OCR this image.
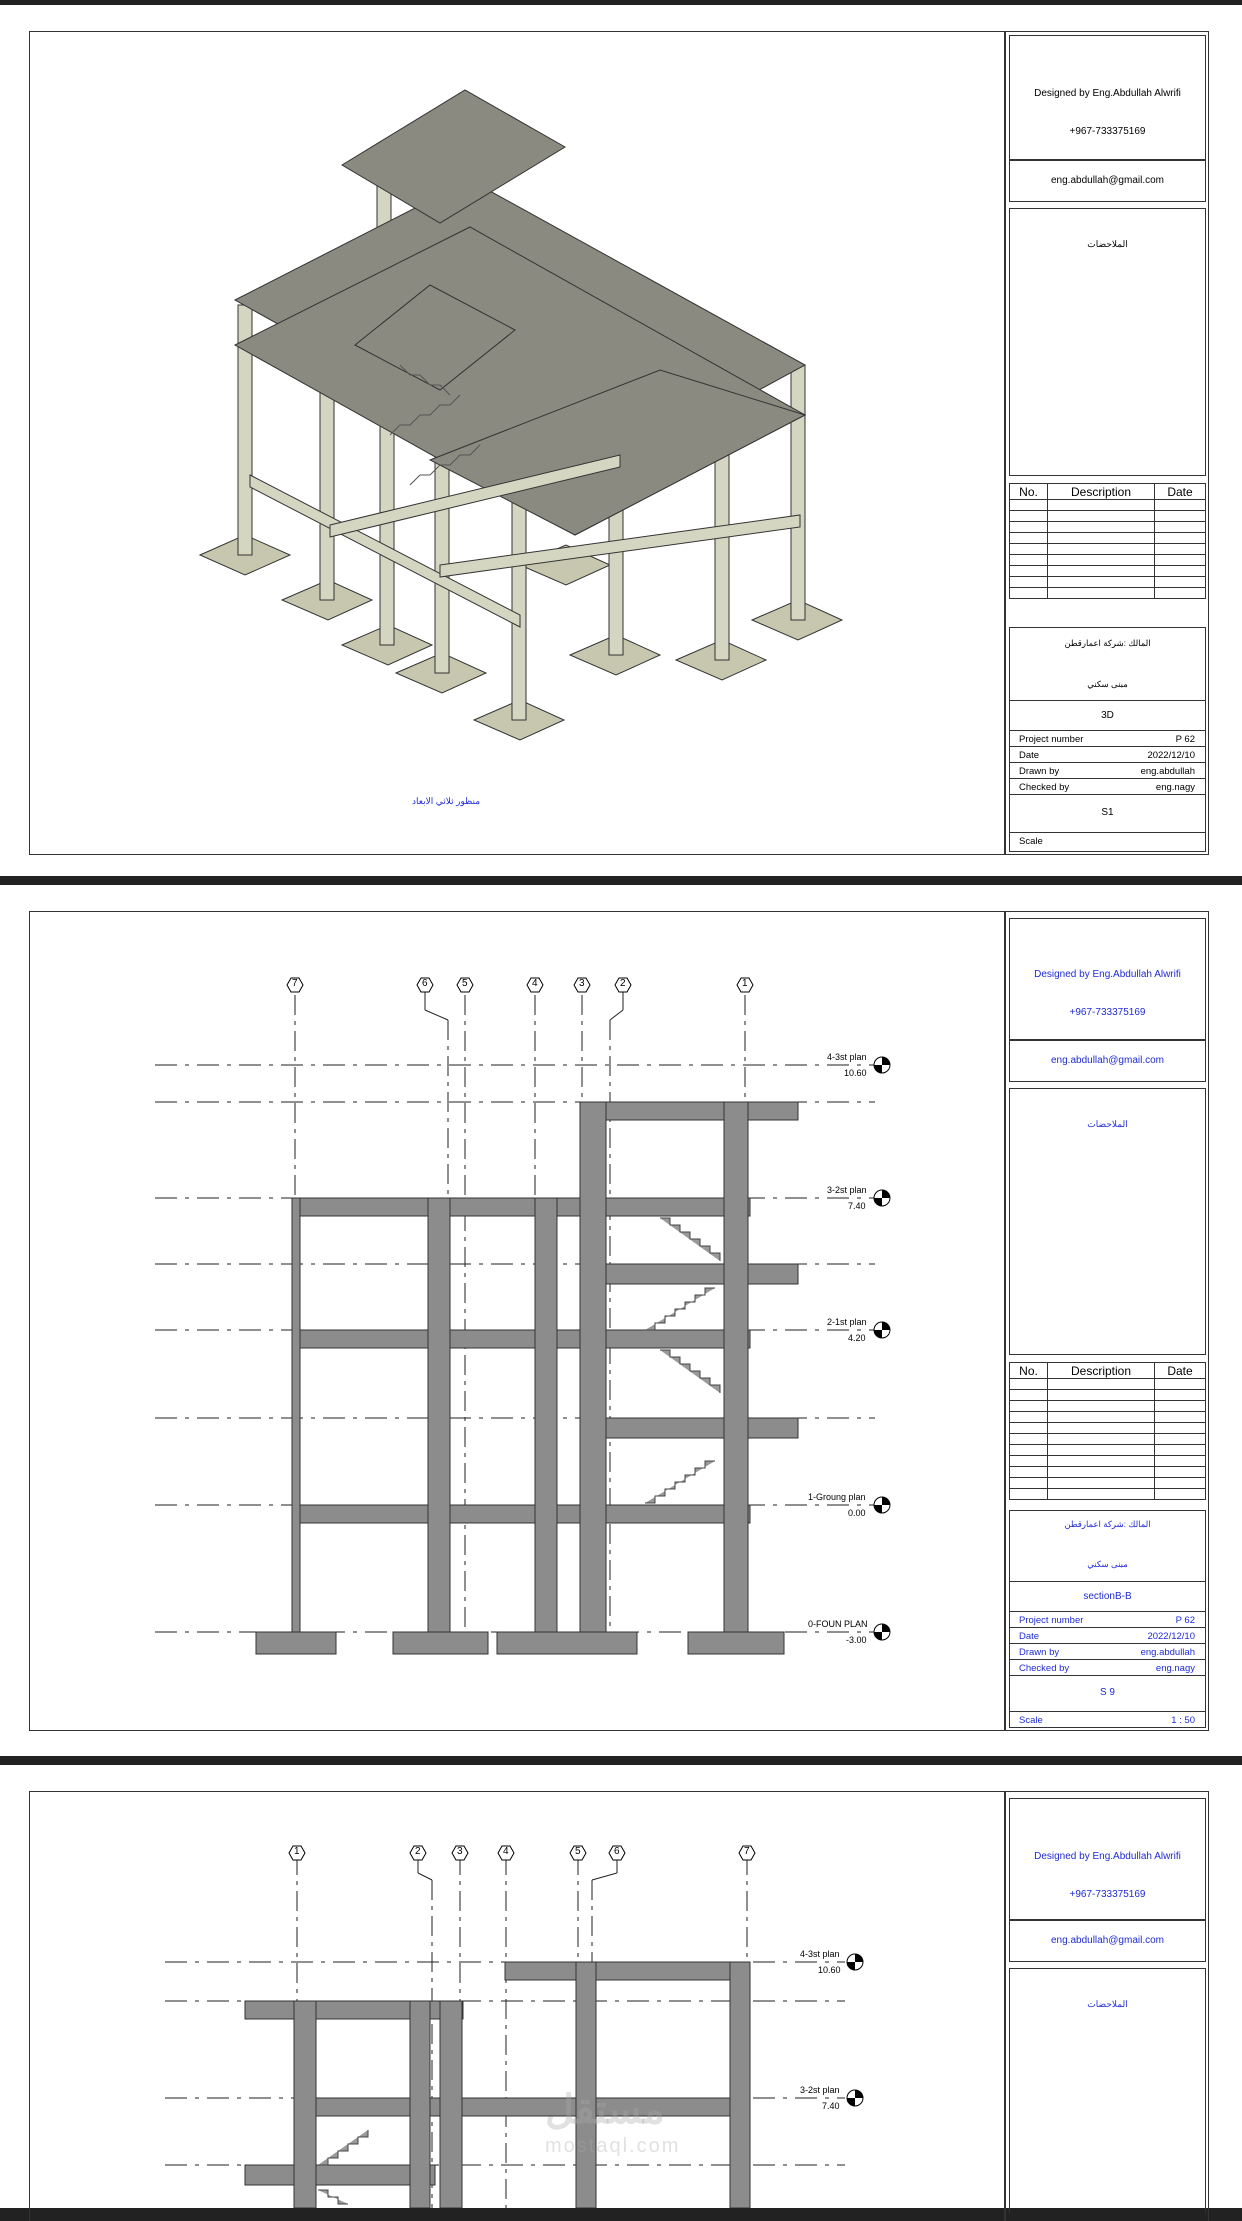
منظور ثلاثي الابعاد
Designed by Eng.Abdullah Alwrifi
+967-733375169
eng.abdullah@gmail.com
الملاحضات
No.	Description	Date

المالك :شركة اعمارقطن
مبنى سكني
3D
Project number	P 62
Date	2022/12/10
Drawn by	eng.abdullah
Checked by	eng.nagy
S1
Scale
7	6	5	4	3	2	1
4-3st plan
10.60
3-2st plan
7.40
2-1st plan
4.20
1-Groung plan
0.00
0-FOUN PLAN
-3.00
Designed by Eng.Abdullah Alwrifi
+967-733375169
eng.abdullah@gmail.com
الملاحضات
No.	Description	Date

المالك :شركة اعمارقطن
مبنى سكني
sectionB-B
Project number	P 62
Date	2022/12/10
Drawn by	eng.abdullah
Checked by	eng.nagy
S 9
Scale	1 : 50
1	2	3	4	5	6	7
4-3st plan
10.60
3-2st plan
7.40
مستقل
mostaql.com
Designed by Eng.Abdullah Alwrifi
+967-733375169
eng.abdullah@gmail.com
الملاحضات
